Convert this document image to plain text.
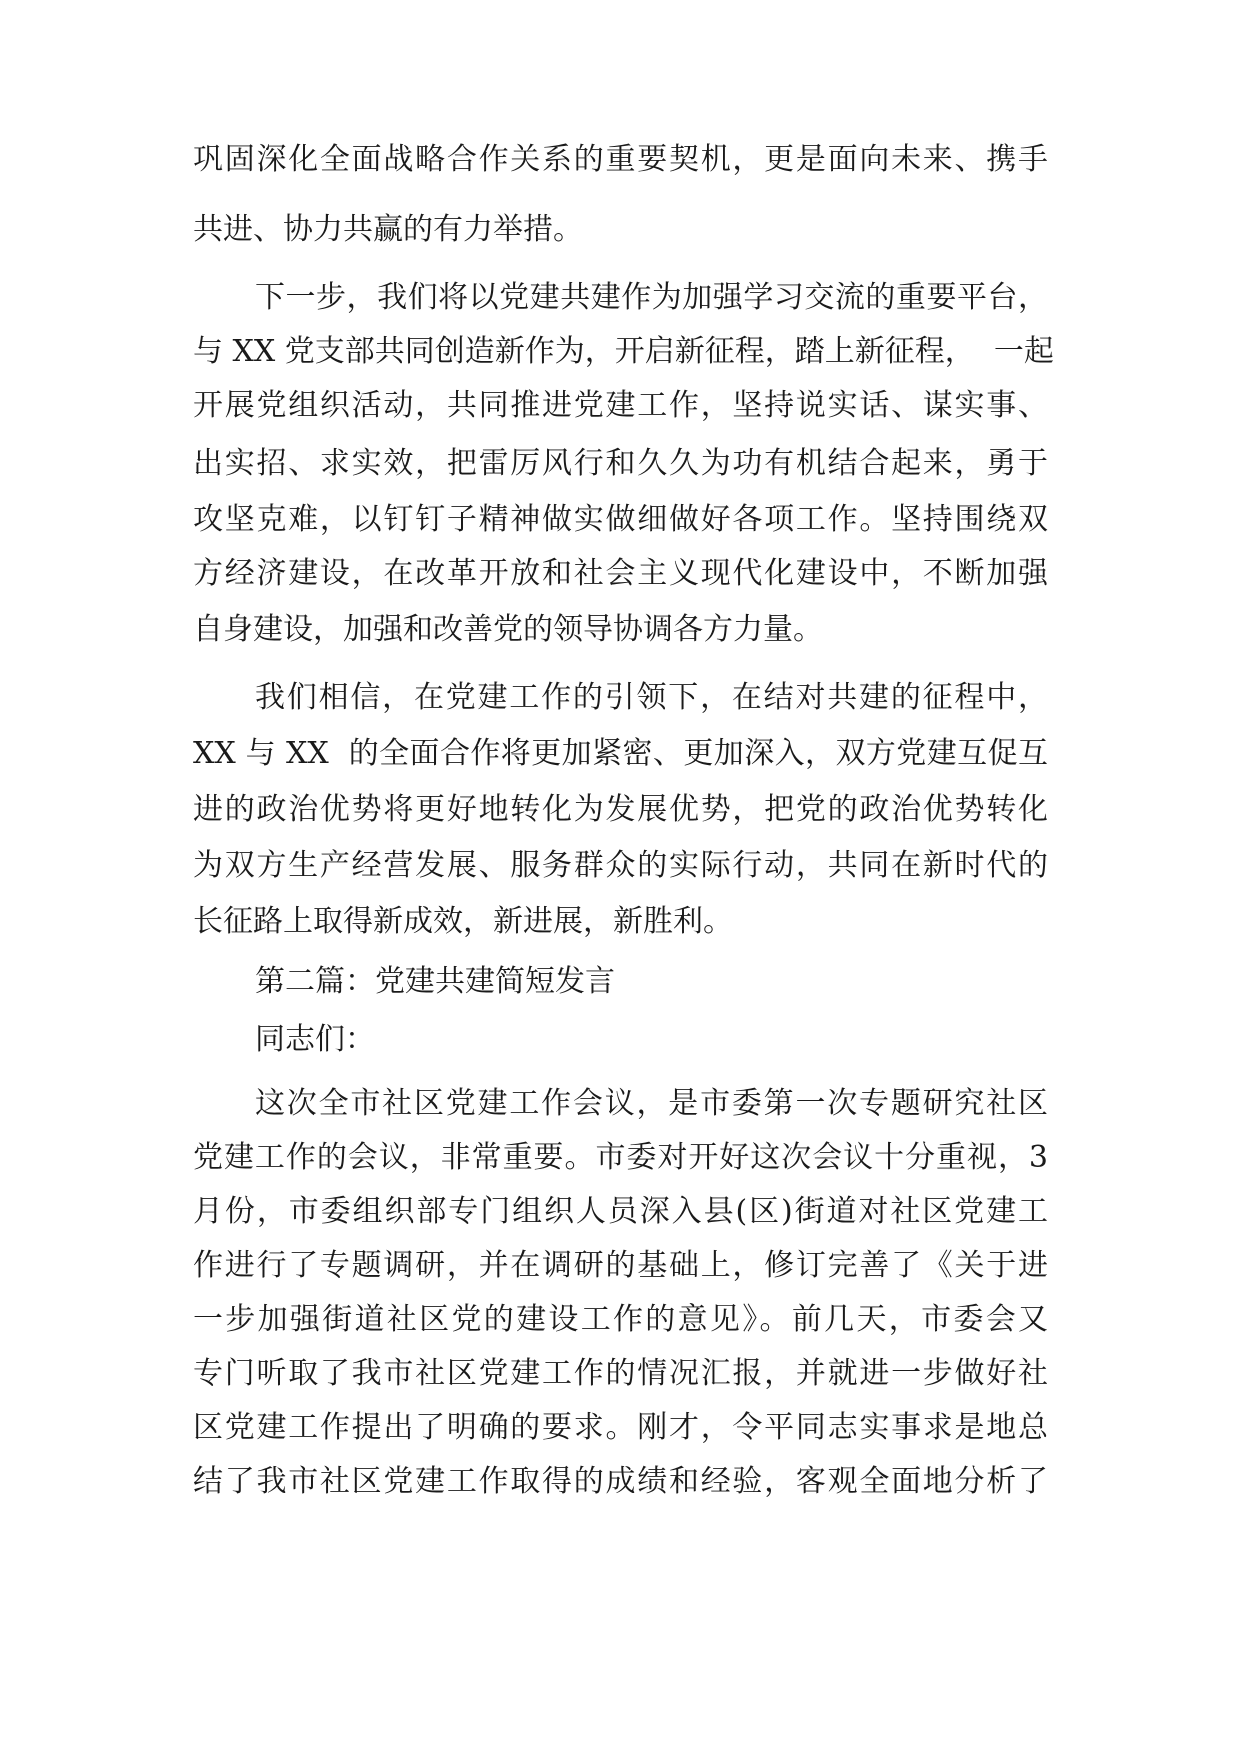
巩固深化全面战略合作关系的重要契机，更是面向未来、携手
共进、协力共赢的有力举措。
下一步，我们将以党建共建作为加强学习交流的重要平台，
与 XX 党支部共同创造新作为，开启新征程，踏上新征程，  一起
开展党组织活动，共同推进党建工作，坚持说实话、谋实事、
出实招、求实效，把雷厉风行和久久为功有机结合起来，勇于
攻坚克难，以钉钉子精神做实做细做好各项工作。坚持围绕双
方经济建设，在改革开放和社会主义现代化建设中，不断加强
自身建设，加强和改善党的领导协调各方力量。
我们相信，在党建工作的引领下，在结对共建的征程中，
XX 与 XX  的全面合作将更加紧密、更加深入，双方党建互促互
进的政治优势将更好地转化为发展优势，把党的政治优势转化
为双方生产经营发展、服务群众的实际行动，共同在新时代的
长征路上取得新成效，新进展，新胜利。
第二篇：党建共建简短发言
同志们：
这次全市社区党建工作会议，是市委第一次专题研究社区
党建工作的会议，非常重要。市委对开好这次会议十分重视，3
月份，市委组织部专门组织人员深入县(区)街道对社区党建工
作进行了专题调研，并在调研的基础上，修订完善了《关于进
一步加强街道社区党的建设工作的意见》。前几天，市委会又
专门听取了我市社区党建工作的情况汇报，并就进一步做好社
区党建工作提出了明确的要求。刚才，令平同志实事求是地总
结了我市社区党建工作取得的成绩和经验，客观全面地分析了
